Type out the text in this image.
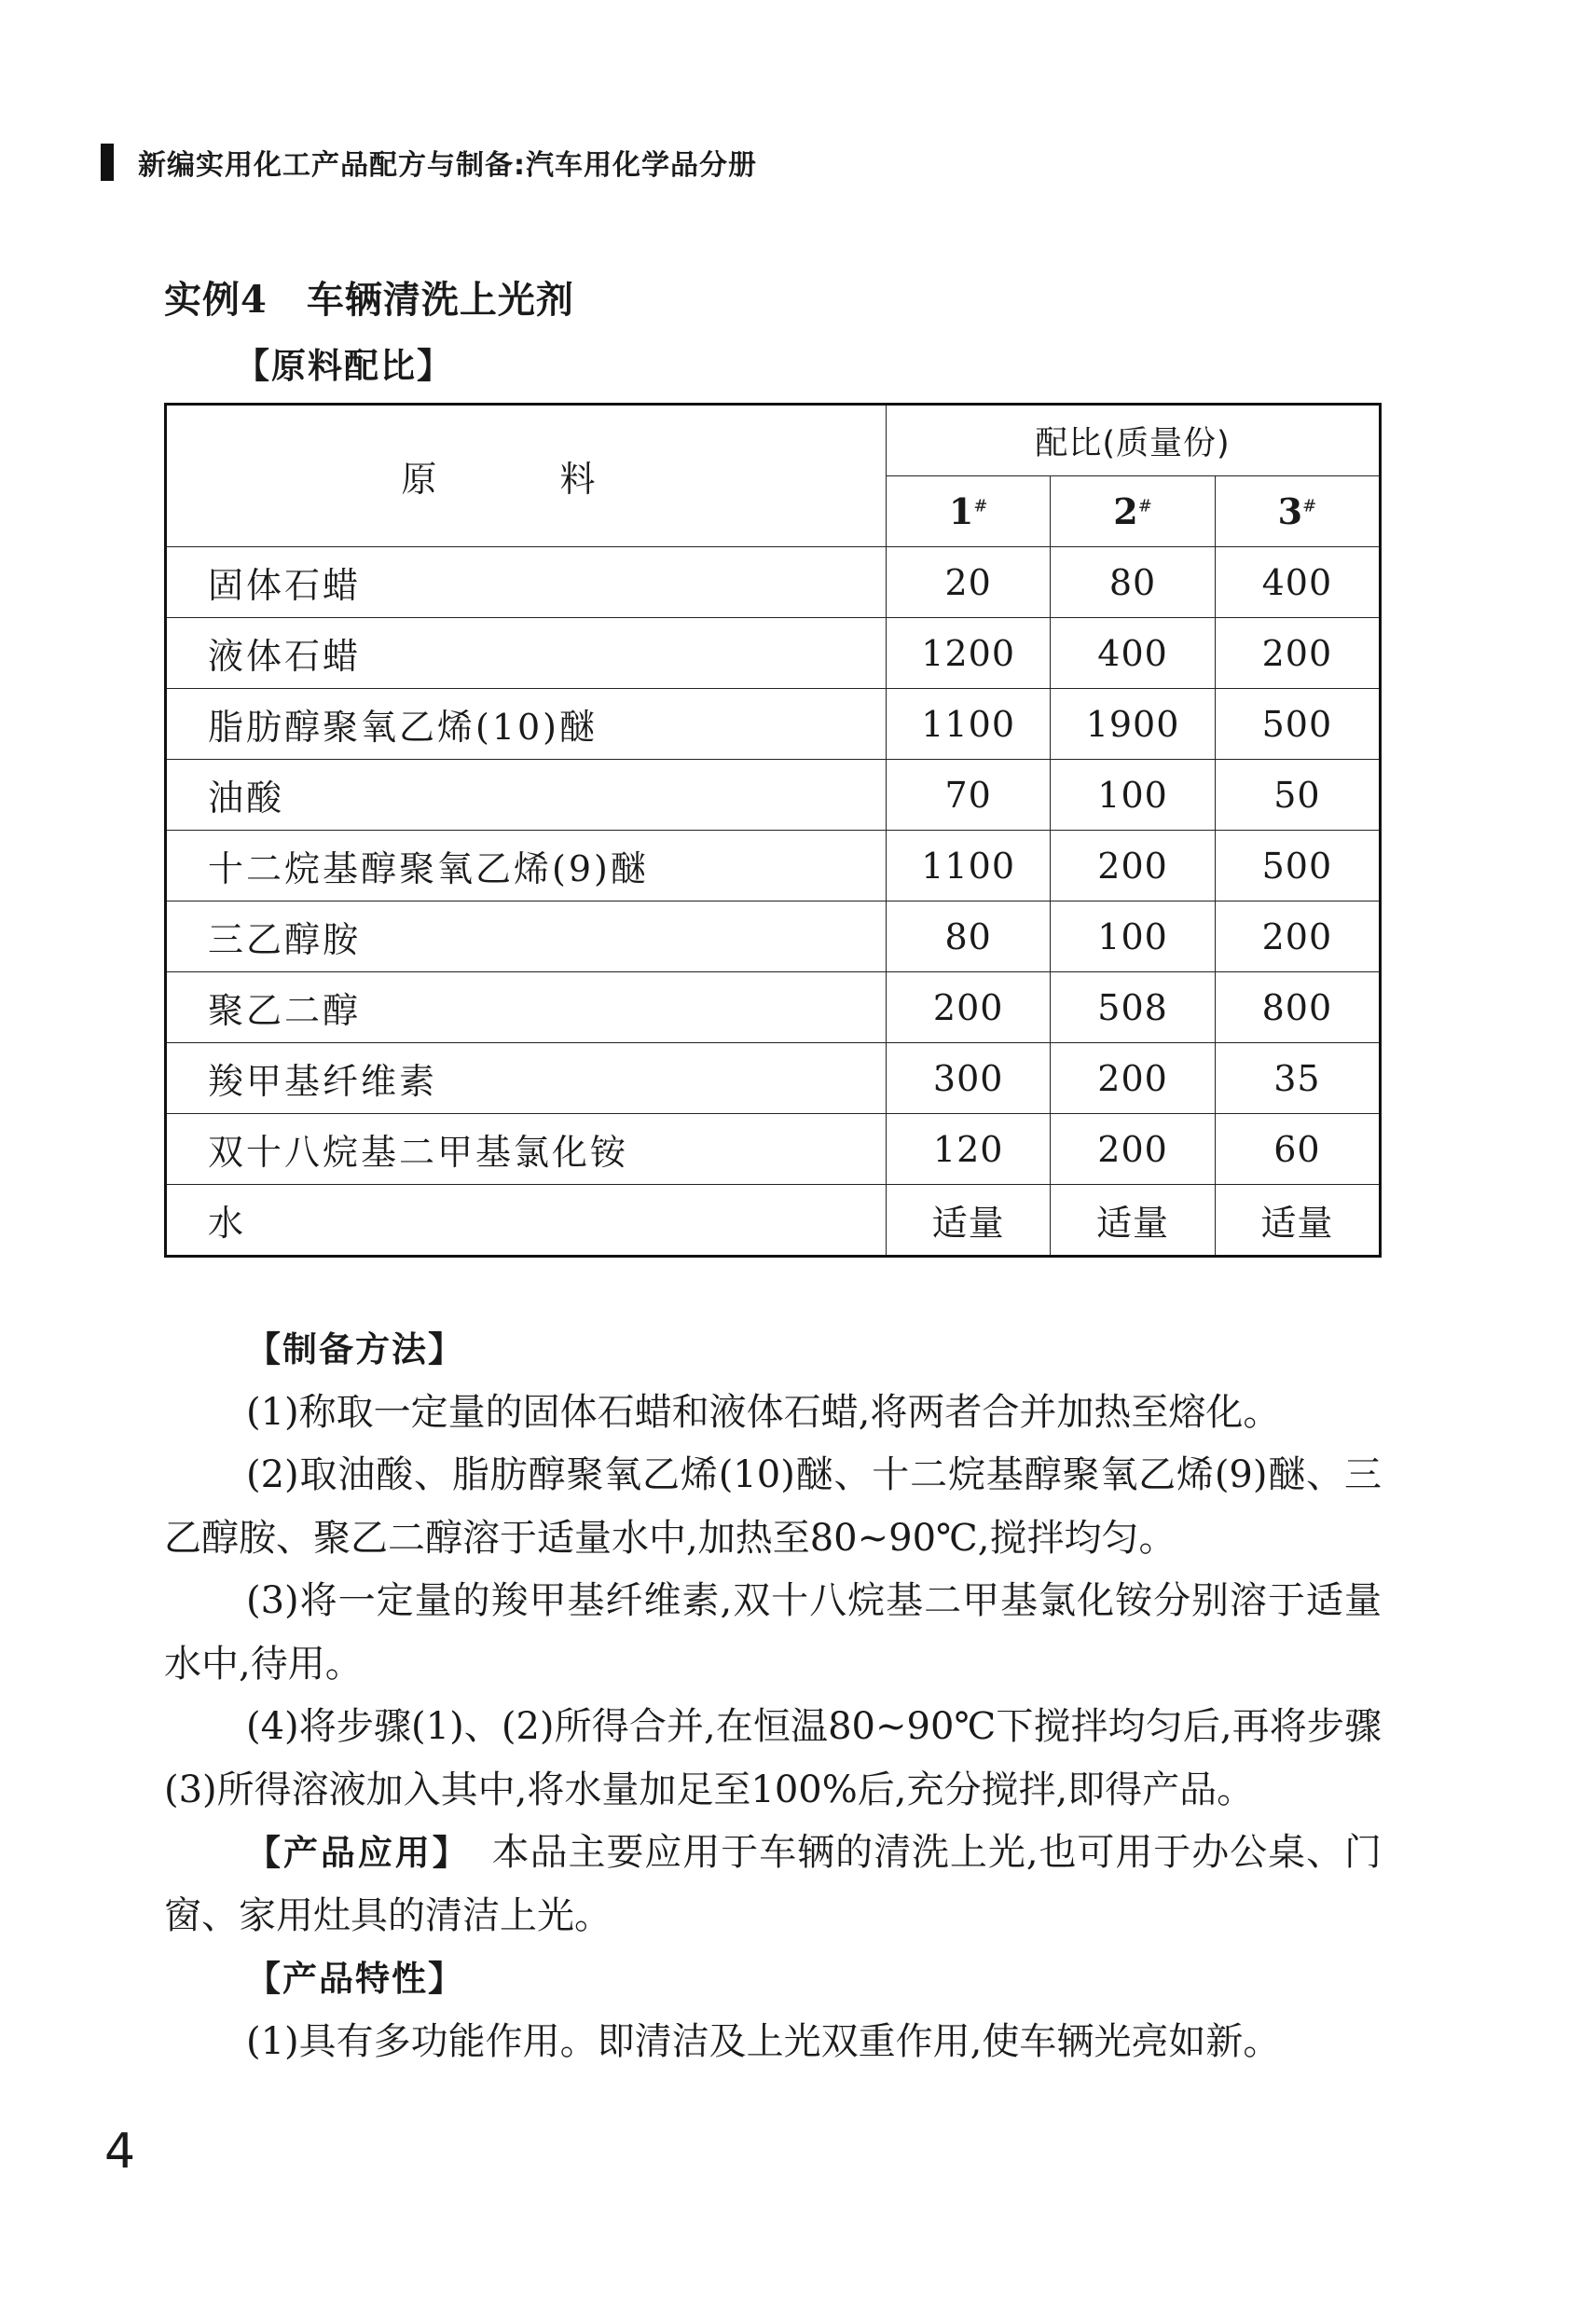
新编实用化工产品配方与制备:汽车用化学品分册
实例4 车辆清洗上光剂
【原料配比】
原 料	配比(质量份)		
	1#	2#	3#
固体石蜡	20	80	400
液体石蜡	1200	400	200
脂肪醇聚氧乙烯(10)醚	1100	1900	500
油酸	70	100	50
十二烷基醇聚氧乙烯(9)醚	1100	200	500
三乙醇胺	80	100	200
聚乙二醇	200	508	800
羧甲基纤维素	300	200	35
双十八烷基二甲基氯化铵	120	200	60
水	适量	适量	适量

【制备方法】

(1)称取一定量的固体石蜡和液体石蜡,将两者合并加热至熔化。

(2)取油酸、脂肪醇聚氧乙烯(10)醚、十二烷基醇聚氧乙烯(9)醚、三乙醇胺、聚乙二醇溶于适量水中,加热至80~90℃,搅拌均匀。

(3)将一定量的羧甲基纤维素,双十八烷基二甲基氯化铵分别溶于适量水中,待用。

(4)将步骤(1)、(2)所得合并,在恒温80~90℃下搅拌均匀后,再将步骤(3)所得溶液加入其中,将水量加足至100%后,充分搅拌,即得产品。

【产品应用】 本品主要应用于车辆的清洗上光,也可用于办公桌、门窗、家用灶具的清洁上光。

【产品特性】

(1)具有多功能作用。即清洁及上光双重作用,使车辆光亮如新。

4
